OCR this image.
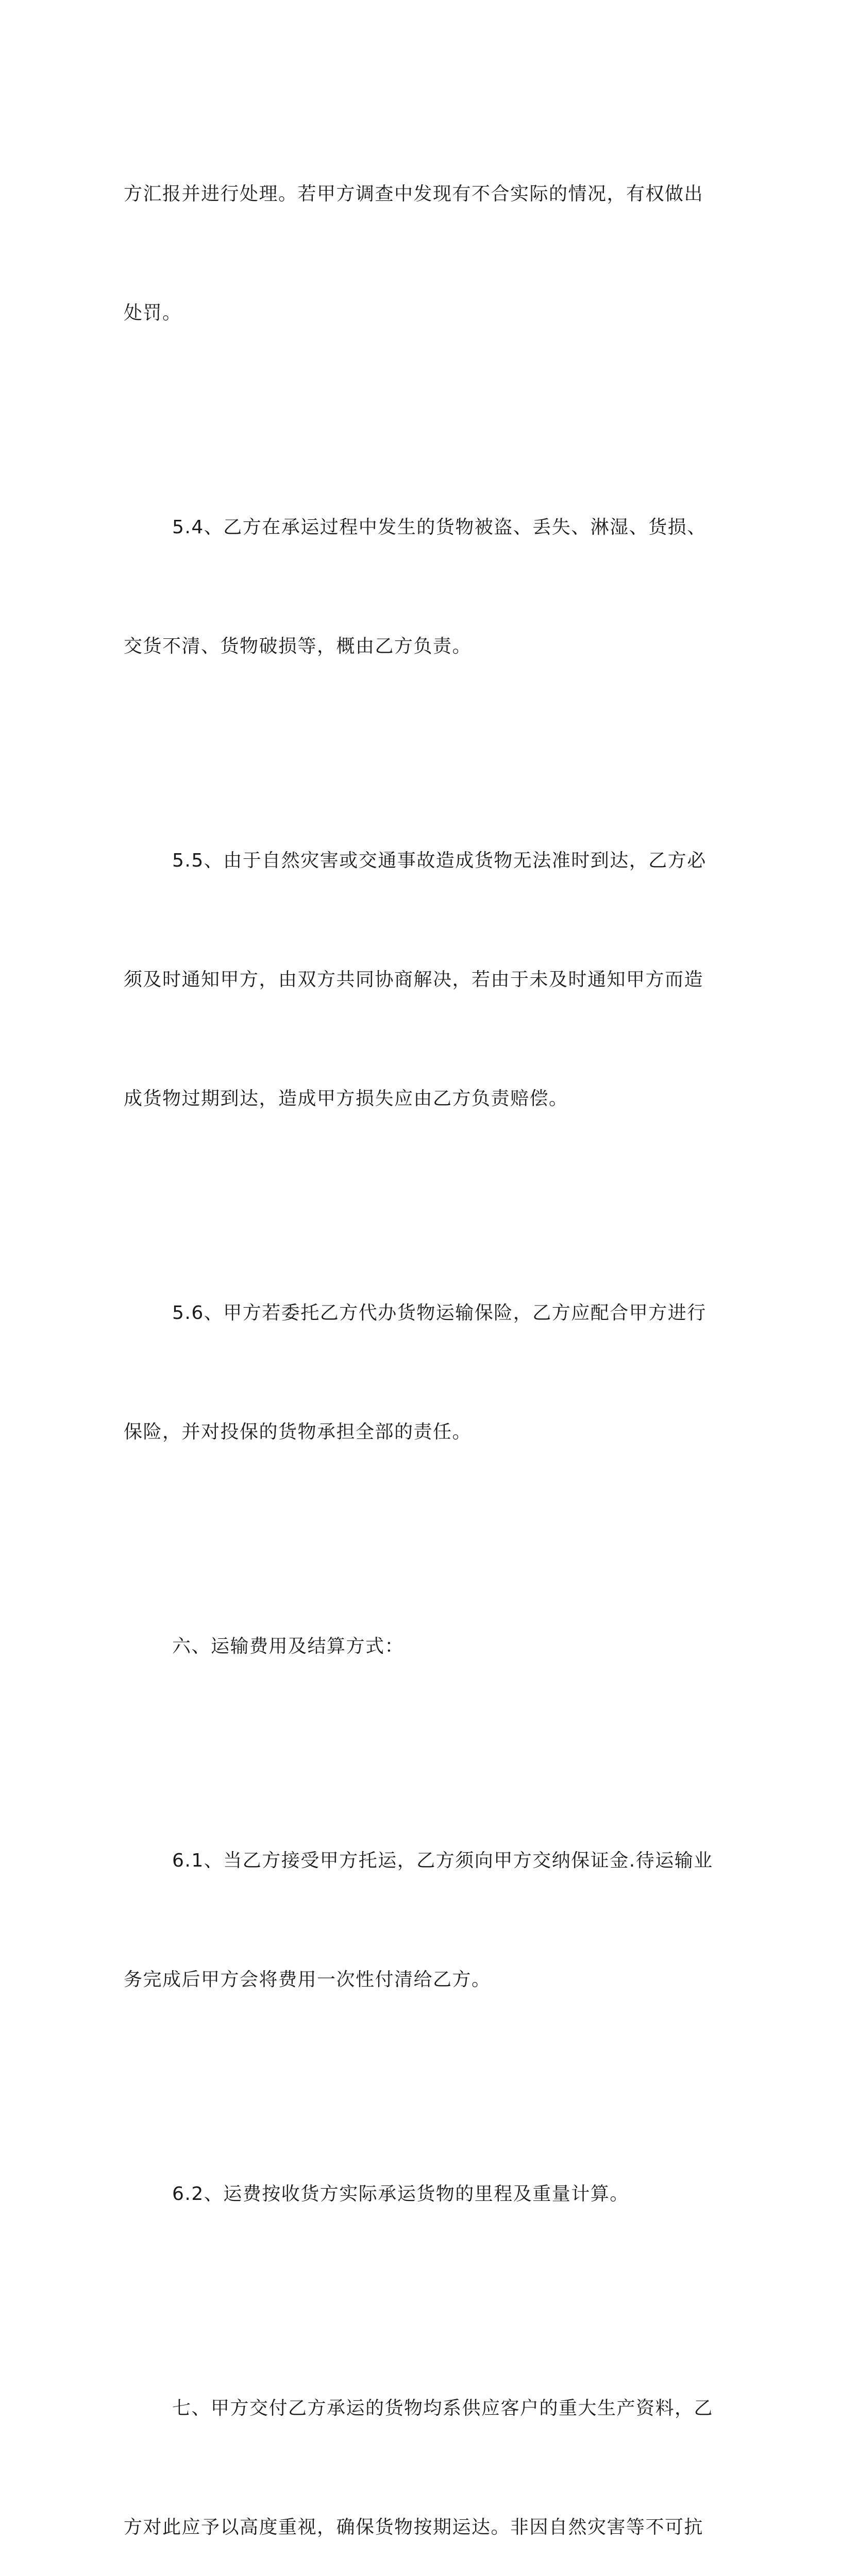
方汇报并进行处理。若甲方调查中发现有不合实际的情况，有权做出

处罚。

5.4、乙方在承运过程中发生的货物被盗、丢失、淋湿、货损、

交货不清、货物破损等，概由乙方负责。

5.5、由于自然灾害或交通事故造成货物无法准时到达，乙方必

须及时通知甲方，由双方共同协商解决，若由于未及时通知甲方而造

成货物过期到达，造成甲方损失应由乙方负责赔偿。

5.6、甲方若委托乙方代办货物运输保险，乙方应配合甲方进行

保险，并对投保的货物承担全部的责任。

六、运输费用及结算方式：

6.1、当乙方接受甲方托运，乙方须向甲方交纳保证金.待运输业

务完成后甲方会将费用一次性付清给乙方。

6.2、运费按收货方实际承运货物的里程及重量计算。

七、甲方交付乙方承运的货物均系供应客户的重大生产资料，乙

方对此应予以高度重视，确保货物按期运达。非因自然灾害等不可抗
